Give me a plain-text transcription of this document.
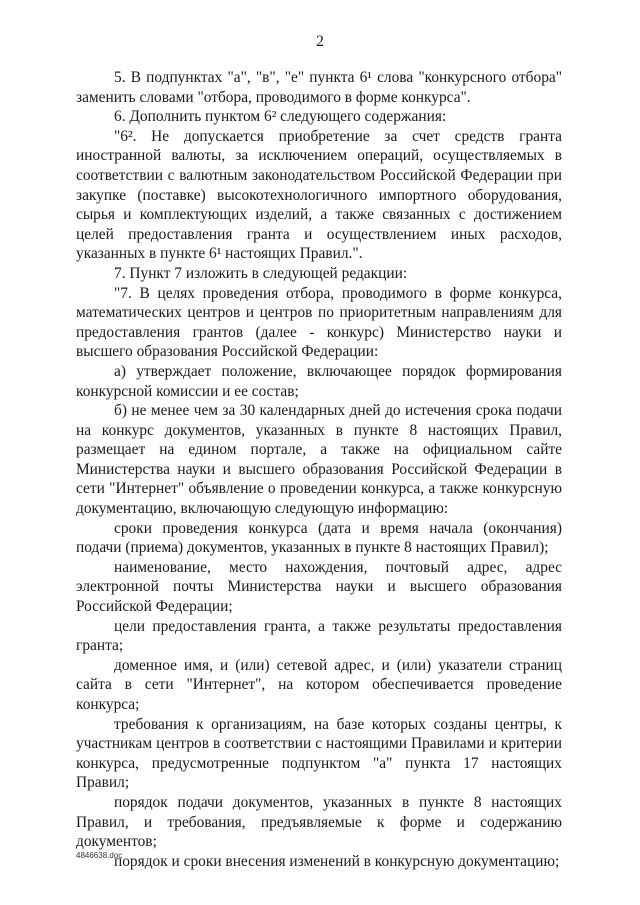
2

5. В подпунктах "а", "в", "е" пункта 6¹ слова "конкурсного отбора" заменить словами "отбора, проводимого в форме конкурса".

6. Дополнить пунктом 6² следующего содержания:

"6². Не допускается приобретение за счет средств гранта иностранной валюты, за исключением операций, осуществляемых в соответствии с валютным законодательством Российской Федерации при закупке (поставке) высокотехнологичного импортного оборудования, сырья и комплектующих изделий, а также связанных с достижением целей предоставления гранта и осуществлением иных расходов, указанных в пункте 6¹ настоящих Правил.".

7. Пункт 7 изложить в следующей редакции:

"7. В целях проведения отбора, проводимого в форме конкурса, математических центров и центров по приоритетным направлениям для предоставления грантов (далее - конкурс) Министерство науки и высшего образования Российской Федерации:

а) утверждает положение, включающее порядок формирования конкурсной комиссии и ее состав;

б) не менее чем за 30 календарных дней до истечения срока подачи на конкурс документов, указанных в пункте 8 настоящих Правил, размещает на едином портале, а также на официальном сайте Министерства науки и высшего образования Российской Федерации в сети "Интернет" объявление о проведении конкурса, а также конкурсную документацию, включающую следующую информацию:

сроки проведения конкурса (дата и время начала (окончания) подачи (приема) документов, указанных в пункте 8 настоящих Правил);

наименование, место нахождения, почтовый адрес, адрес электронной почты Министерства науки и высшего образования Российской Федерации;

цели предоставления гранта, а также результаты предоставления гранта;

доменное имя, и (или) сетевой адрес, и (или) указатели страниц сайта в сети "Интернет", на котором обеспечивается проведение конкурса;

требования к организациям, на базе которых созданы центры, к участникам центров в соответствии с настоящими Правилами и критерии конкурса, предусмотренные подпунктом "а" пункта 17 настоящих Правил;

порядок подачи документов, указанных в пункте 8 настоящих Правил, и требования, предъявляемые к форме и содержанию документов;

порядок и сроки внесения изменений в конкурсную документацию;

4846638.doc
